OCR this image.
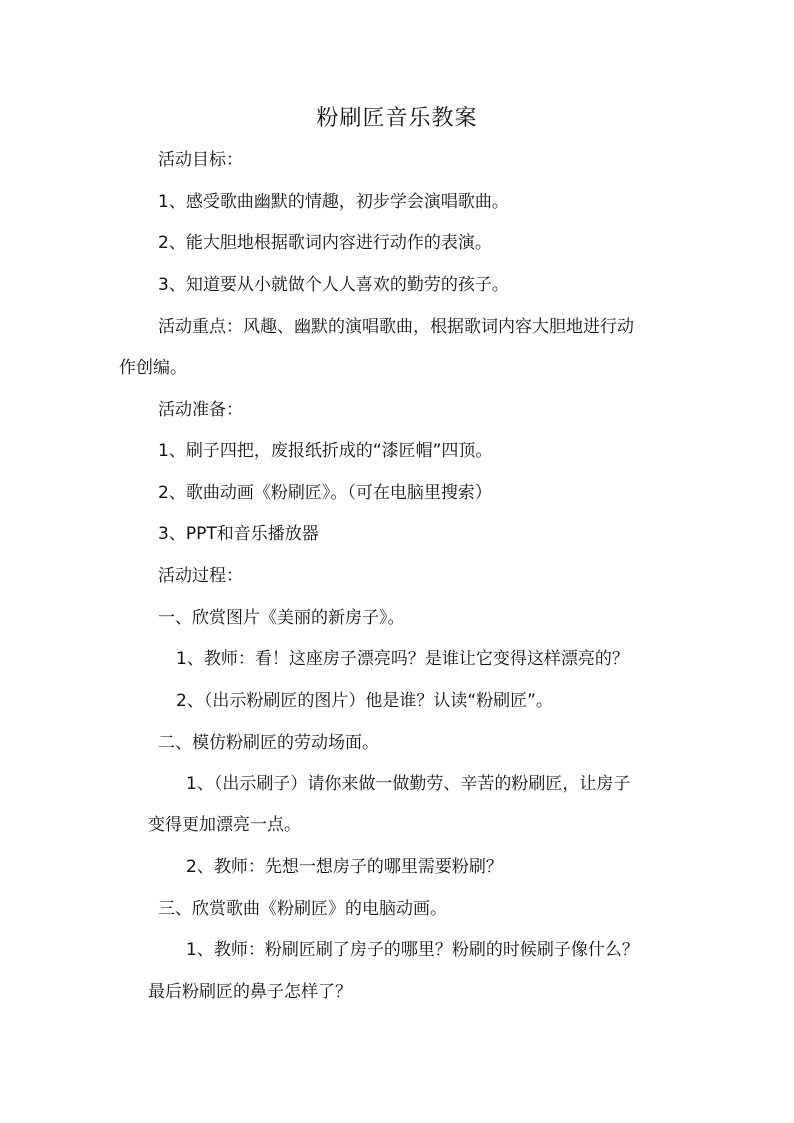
粉刷匠音乐教案
活动目标：
1、感受歌曲幽默的情趣，初步学会演唱歌曲。
2、能大胆地根据歌词内容进行动作的表演。
3、知道要从小就做个人人喜欢的勤劳的孩子。
活动重点：风趣、幽默的演唱歌曲，根据歌词内容大胆地进行动
作创编。
活动准备：
1、刷子四把，废报纸折成的“漆匠帽”四顶。
2、歌曲动画《粉刷匠》。（可在电脑里搜索）
3、PPT和音乐播放器
活动过程：
一、欣赏图片《美丽的新房子》。
1、教师：看！这座房子漂亮吗？是谁让它变得这样漂亮的？
2、（出示粉刷匠的图片）他是谁？认读“粉刷匠”。
二、模仿粉刷匠的劳动场面。
1、（出示刷子）请你来做一做勤劳、辛苦的粉刷匠，让房子
变得更加漂亮一点。
2、教师：先想一想房子的哪里需要粉刷？
三、欣赏歌曲《粉刷匠》的电脑动画。
1、教师：粉刷匠刷了房子的哪里？粉刷的时候刷子像什么？
最后粉刷匠的鼻子怎样了？
